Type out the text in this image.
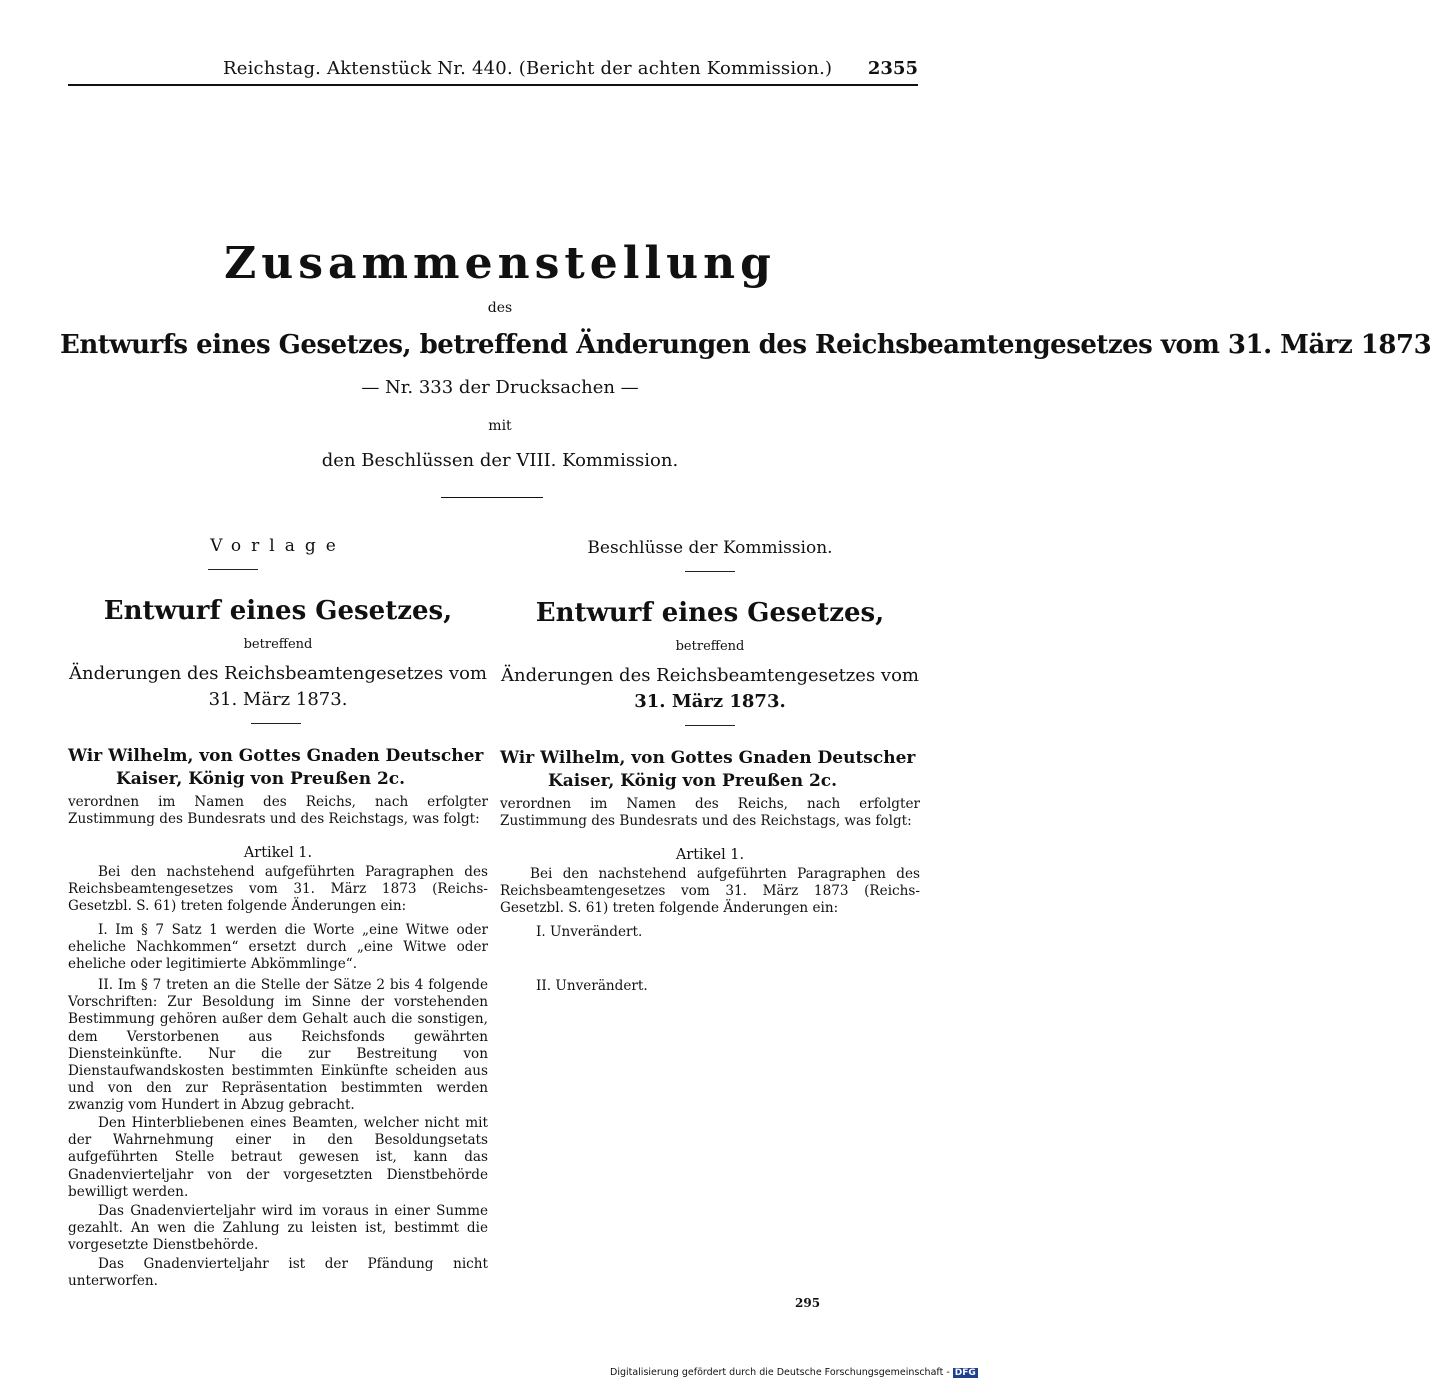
Reichstag. Aktenstück Nr. 440. (Bericht der achten Kommission.) 2355
Zusammenstellung
des
Entwurfs eines Gesetzes, betreffend Änderungen des Reichsbeamtengesetzes vom 31. März 1873
— Nr. 333 der Drucksachen —
mit
den Beschlüssen der VIII. Kommission.
Vorlage
Entwurf eines Gesetzes,
betreffend
Änderungen des Reichsbeamtengesetzes vom
31. März 1873.
Wir Wilhelm, von Gottes Gnaden Deutscher
Kaiser, König von Preußen 2c.
verordnen im Namen des Reichs, nach erfolgter Zustimmung des Bundesrats und des Reichstags, was folgt:
Artikel 1.
Bei den nachstehend aufgeführten Paragraphen des Reichsbeamtengesetzes vom 31. März 1873 (Reichs-Gesetzbl. S. 61) treten folgende Änderungen ein:
I. Im § 7 Satz 1 werden die Worte „eine Witwe oder eheliche Nachkommen“ ersetzt durch „eine Witwe oder eheliche oder legitimierte Abkömmlinge“.
II. Im § 7 treten an die Stelle der Sätze 2 bis 4 folgende Vorschriften: Zur Besoldung im Sinne der vorstehenden Bestimmung gehören außer dem Gehalt auch die sonstigen, dem Verstorbenen aus Reichsfonds gewährten Diensteinkünfte. Nur die zur Bestreitung von Dienstaufwandskosten bestimmten Einkünfte scheiden aus und von den zur Repräsentation bestimmten werden zwanzig vom Hundert in Abzug gebracht.
Den Hinterbliebenen eines Beamten, welcher nicht mit der Wahrnehmung einer in den Besoldungsetats aufgeführten Stelle betraut gewesen ist, kann das Gnadenvierteljahr von der vorgesetzten Dienstbehörde bewilligt werden.
Das Gnadenvierteljahr wird im voraus in einer Summe gezahlt. An wen die Zahlung zu leisten ist, bestimmt die vorgesetzte Dienstbehörde.
Das Gnadenvierteljahr ist der Pfändung nicht unterworfen.
Beschlüsse der Kommission.
Entwurf eines Gesetzes,
betreffend
Änderungen des Reichsbeamtengesetzes vom
31. März 1873.
Wir Wilhelm, von Gottes Gnaden Deutscher
Kaiser, König von Preußen 2c.
verordnen im Namen des Reichs, nach erfolgter Zustimmung des Bundesrats und des Reichstags, was folgt:
Artikel 1.
Bei den nachstehend aufgeführten Paragraphen des Reichsbeamtengesetzes vom 31. März 1873 (Reichs-Gesetzbl. S. 61) treten folgende Änderungen ein:
I. Unverändert.
II. Unverändert.
295
Digitalisierung gefördert durch die Deutsche Forschungsgemeinschaft - DFG
